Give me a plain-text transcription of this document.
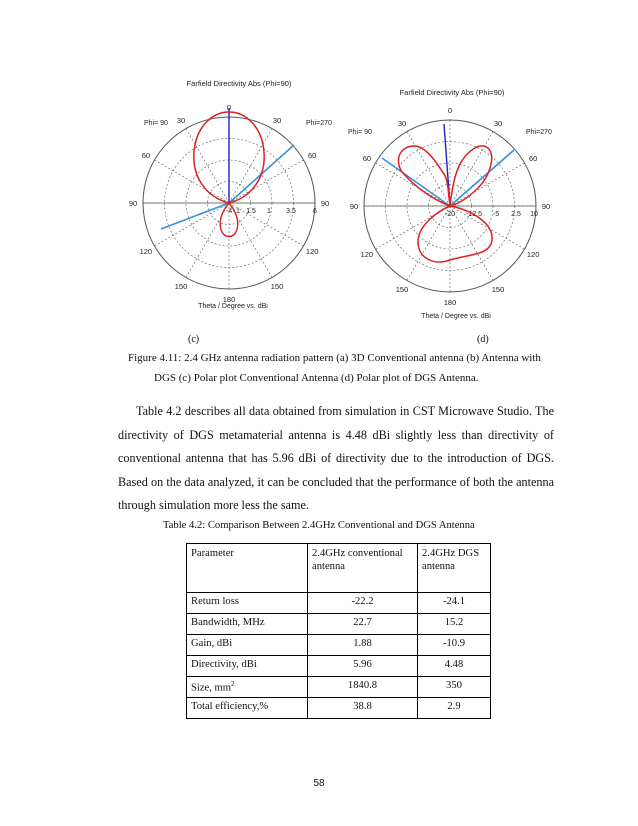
Farfield Directivity Abs (Phi=90)
Phi= 90	Phi=270
0
30
60
90
120
150
180
150
120
90
60
30
-4 1 1.5 1 3.5 6
Theta / Degree vs. dBi
Farfield Directivity Abs (Phi=90)
Phi= 90	Phi=270
0
30
60
90
120
150
180
150
120
90
60
30
-20 -12.5 -5 2.5 10
Theta / Degree vs. dBi
(c)	(d)
Figure 4.11: 2.4 GHz antenna radiation pattern (a) 3D Conventional antenna (b) Antenna with

DGS (c) Polar plot Conventional Antenna (d) Polar plot of DGS Antenna.

Table 4.2 describes all data obtained from simulation in CST Microwave Studio. The directivity of DGS metamaterial antenna is 4.48 dBi slightly less than directivity of conventional antenna that has 5.96 dBi of directivity due to the introduction of DGS. Based on the data analyzed, it can be concluded that the performance of both the antenna through simulation more less the same.

Table 4.2: Comparison Between 2.4GHz Conventional and DGS Antenna
Parameter	2.4GHz conventional antenna	2.4GHz DGS antenna
Return loss	-22.2	-24.1
Bandwidth, MHz	22.7	15.2
Gain, dBi	1.88	-10.9
Directivity, dBi	5.96	4.48
Size, $mm^2$	1840.8	350
Total efficiency,%	38.8	2.9
58
